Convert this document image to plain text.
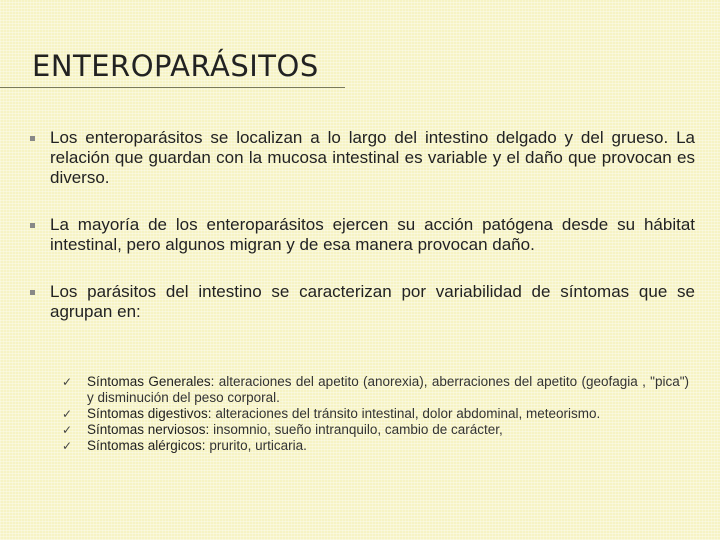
ENTEROPARÁSITOS
Los enteroparásitos se localizan a lo largo del intestino delgado y del grueso. La relación que guardan con la mucosa intestinal es variable y el daño que provocan es diverso.
La mayoría de los enteroparásitos ejercen su acción patógena desde su hábitat intestinal, pero algunos migran y de esa manera provocan daño.
Los parásitos del intestino se caracterizan por variabilidad de síntomas que se agrupan en:
✓ Síntomas Generales: alteraciones del apetito (anorexia), aberraciones del apetito (geofagia , "pica") y disminución del peso corporal.
✓ Síntomas digestivos: alteraciones del tránsito intestinal, dolor abdominal, meteorismo.
✓ Síntomas nerviosos: insomnio, sueño intranquilo, cambio de carácter,
✓ Síntomas alérgicos: prurito, urticaria.
